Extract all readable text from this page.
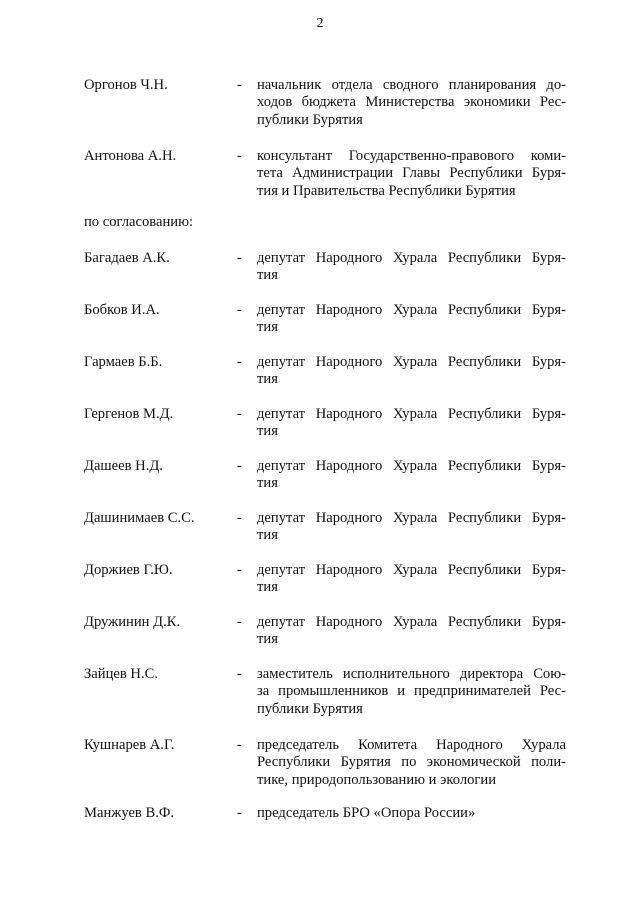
2
Оргонов Ч.Н.	- начальник отдела сводного планирования до-
ходов бюджета Министерства экономики Рес-
публики Бурятия
Антонова А.Н.	- консультант Государственно-правового коми-
тета Администрации Главы Республики Буря-
тия и Правительства Республики Бурятия
по согласованию:
Багадаев А.К.	- депутат Народного Хурала Республики Буря-
тия
Бобков И.А.	- депутат Народного Хурала Республики Буря-
тия
Гармаев Б.Б.	- депутат Народного Хурала Республики Буря-
тия
Гергенов М.Д.	- депутат Народного Хурала Республики Буря-
тия
Дашеев Н.Д.	- депутат Народного Хурала Республики Буря-
тия
Дашинимаев С.С.	- депутат Народного Хурала Республики Буря-
тия
Доржиев Г.Ю.	- депутат Народного Хурала Республики Буря-
тия
Дружинин Д.К.	- депутат Народного Хурала Республики Буря-
тия
Зайцев Н.С.	- заместитель исполнительного директора Сою-
за промышленников и предпринимателей Рес-
публики Бурятия
Кушнарев А.Г.	- председатель Комитета Народного Хурала
Республики Бурятия по экономической поли-
тике, природопользованию и экологии
Манжуев В.Ф.	- председатель БРО «Опора России»
